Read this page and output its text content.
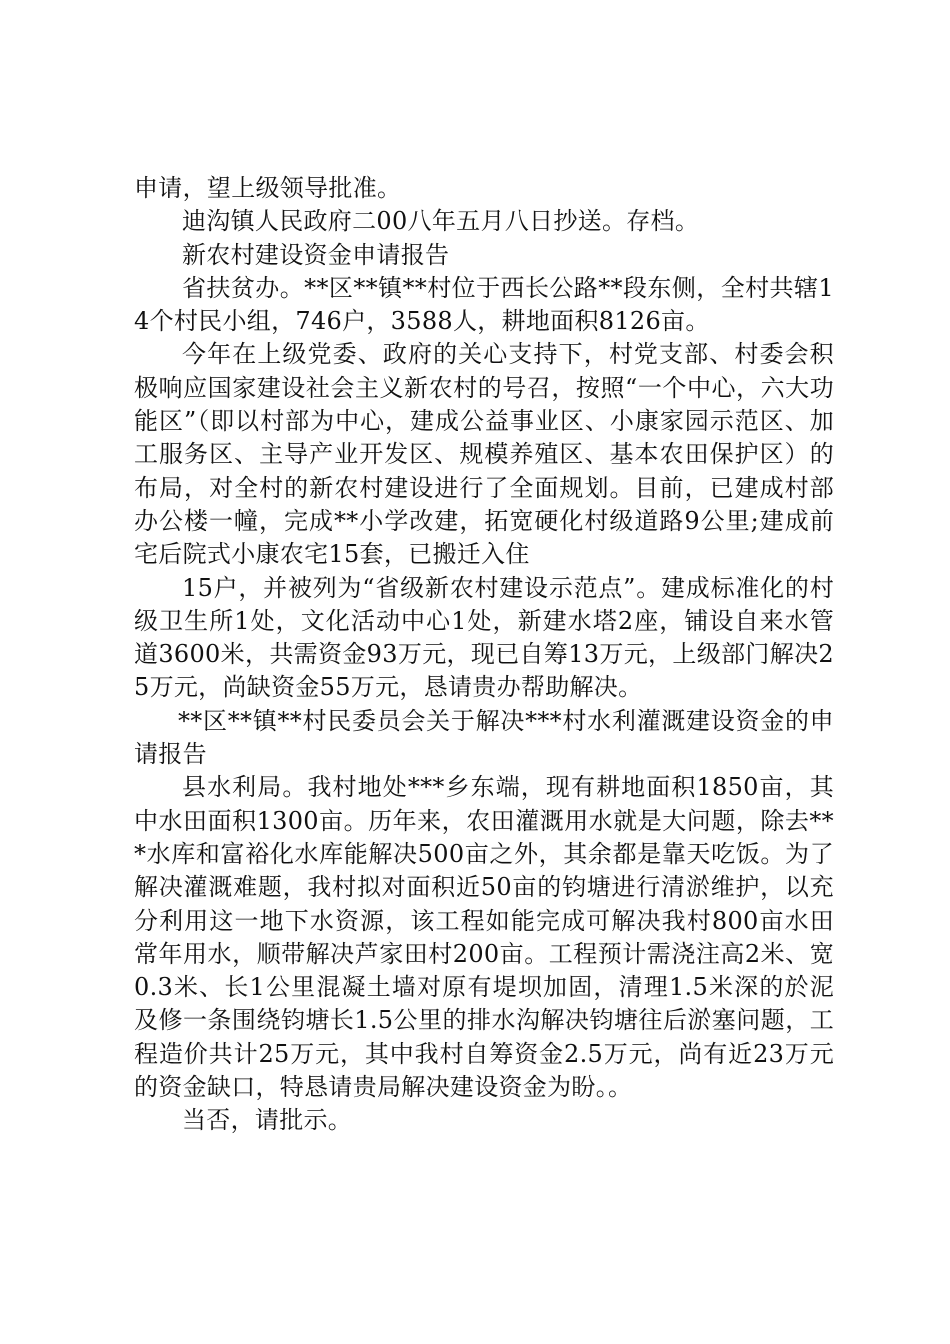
申请，望上级领导批准。

迪沟镇人民政府二00八年五月八日抄送。存档。

新农村建设资金申请报告

省扶贫办。**区**镇**村位于西长公路**段东侧，全村共辖14个村民小组，746户，3588人，耕地面积8126亩。

今年在上级党委、政府的关心支持下，村党支部、村委会积极响应国家建设社会主义新农村的号召，按照“一个中心，六大功能区”（即以村部为中心，建成公益事业区、小康家园示范区、加工服务区、主导产业开发区、规模养殖区、基本农田保护区）的布局，对全村的新农村建设进行了全面规划。目前，已建成村部办公楼一幢，完成**小学改建，拓宽硬化村级道路9公里;建成前宅后院式小康农宅15套，已搬迁入住

15户，并被列为“省级新农村建设示范点”。建成标准化的村级卫生所1处，文化活动中心1处，新建水塔2座，铺设自来水管道3600米，共需资金93万元，现已自筹13万元，上级部门解决25万元，尚缺资金55万元，恳请贵办帮助解决。

**区**镇**村民委员会关于解决***村水利灌溉建设资金的申请报告

县水利局。我村地处***乡东端，现有耕地面积1850亩，其中水田面积1300亩。历年来，农田灌溉用水就是大问题，除去***水库和富裕化水库能解决500亩之外，其余都是靠天吃饭。为了解决灌溉难题，我村拟对面积近50亩的钧塘进行清淤维护，以充分利用这一地下水资源，该工程如能完成可解决我村800亩水田常年用水，顺带解决芦家田村200亩。工程预计需浇注高2米、宽0.3米、长1公里混凝土墙对原有堤坝加固，清理1.5米深的於泥及修一条围绕钧塘长1.5公里的排水沟解决钧塘往后淤塞问题，工程造价共计25万元，其中我村自筹资金2.5万元，尚有近23万元的资金缺口，特恳请贵局解决建设资金为盼。。

当否，请批示。
